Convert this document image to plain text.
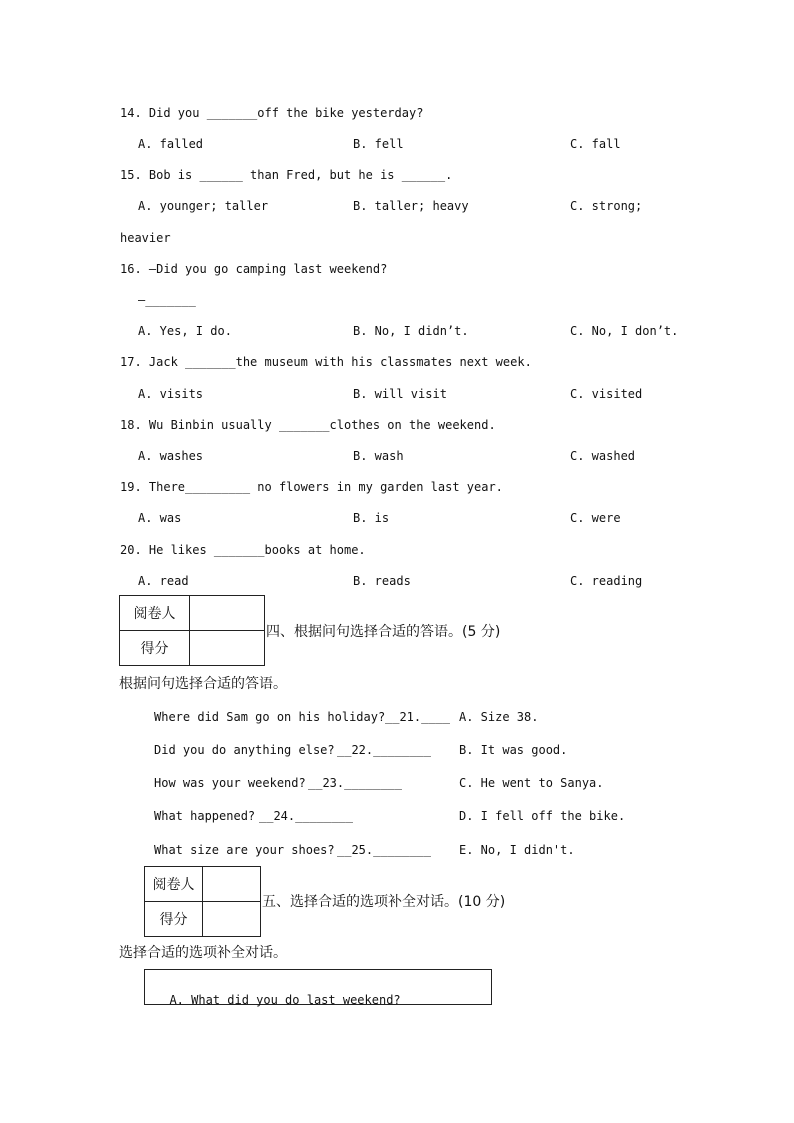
14. Did you _______off the bike yesterday?
A. falled	B. fell	C. fall
15. Bob is ______ than Fred, but he is ______.
A. younger; taller	B. taller; heavy	C. strong;
heavier
16. —Did you go camping last weekend?
—_______
A. Yes, I do.	B. No, I didn’t.	C. No, I don’t.
17. Jack _______the museum with his classmates next week.
A. visits	B. will visit	C. visited
18. Wu Binbin usually _______clothes on the weekend.
A. washes	B. wash	C. washed
19. There_________ no flowers in my garden last year.
A. was	B. is	C. were
20. He likes _______books at home.
A. read	B. reads	C. reading
阅卷人	
得分	
四、根据问句选择合适的答语。(5 分)
根据问句选择合适的答语。
Where did Sam go on his holiday? __21.____ A. Size 38.
Did you do anything else? __22.________ B. It was good.
How was your weekend? __23.________	C. He went to Sanya.
What happened? __24.________	D. I fell off the bike.
What size are your shoes? __25.________ E. No, I didn't.
阅卷人	
得分	
五、选择合适的选项补全对话。(10 分)
选择合适的选项补全对话。

A. What did you do last weekend?
